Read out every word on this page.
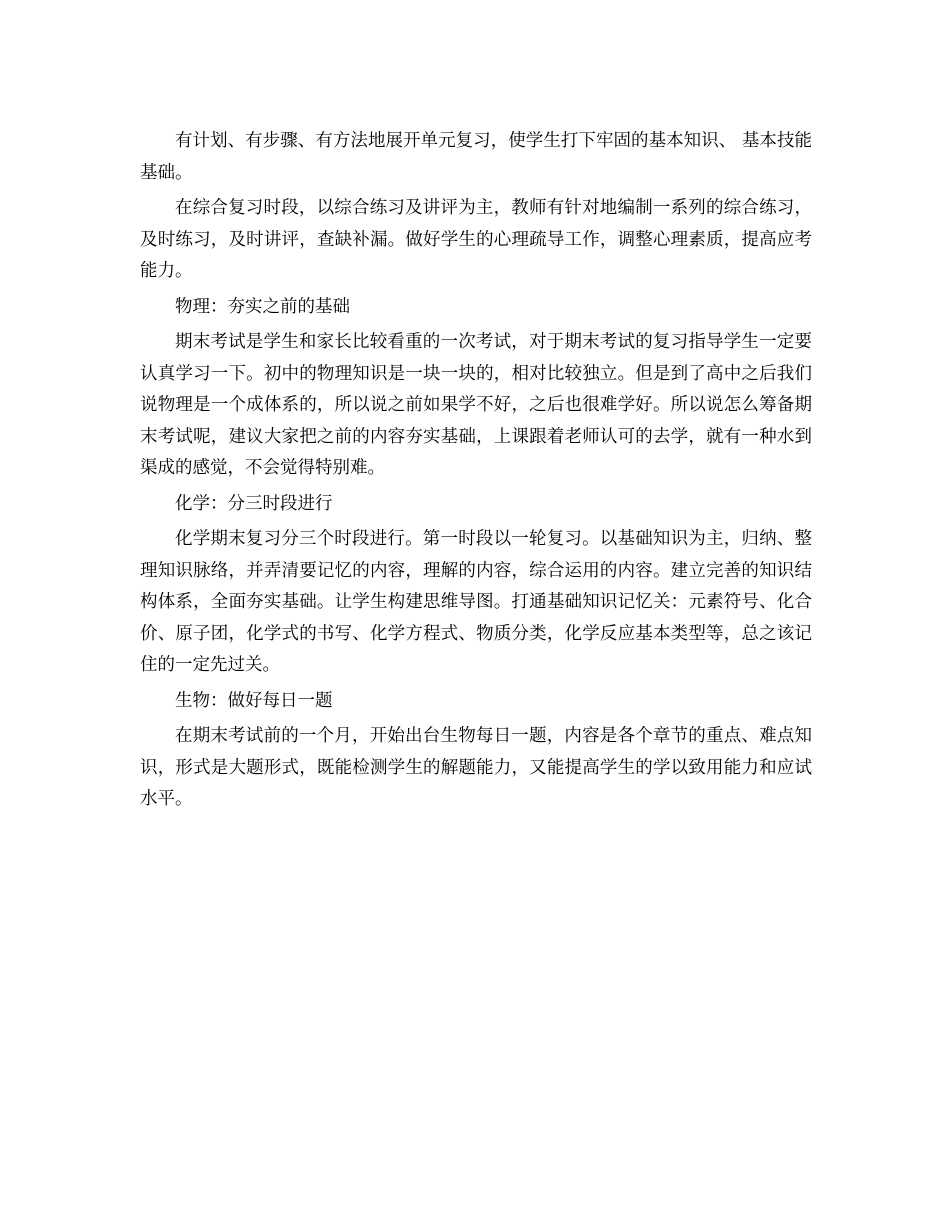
有计划、有步骤、有方法地展开单元复习，使学生打下牢固的基本知识、 基本技能基础。

在综合复习时段，以综合练习及讲评为主，教师有针对地编制一系列的综合练习，及时练习，及时讲评，查缺补漏。做好学生的心理疏导工作，调整心理素质，提高应考能力。

物理：夯实之前的基础

期末考试是学生和家长比较看重的一次考试，对于期末考试的复习指导学生一定要认真学习一下。初中的物理知识是一块一块的，相对比较独立。但是到了高中之后我们说物理是一个成体系的，所以说之前如果学不好，之后也很难学好。所以说怎么筹备期末考试呢，建议大家把之前的内容夯实基础，上课跟着老师认可的去学，就有一种水到渠成的感觉，不会觉得特别难。

化学：分三时段进行

化学期末复习分三个时段进行。第一时段以一轮复习。以基础知识为主，归纳、整理知识脉络，并弄清要记忆的内容，理解的内容，综合运用的内容。建立完善的知识结构体系，全面夯实基础。让学生构建思维导图。打通基础知识记忆关：元素符号、化合价、原子团，化学式的书写、化学方程式、物质分类，化学反应基本类型等，总之该记住的一定先过关。

生物：做好每日一题

在期末考试前的一个月，开始出台生物每日一题，内容是各个章节的重点、难点知识，形式是大题形式，既能检测学生的解题能力，又能提高学生的学以致用能力和应试水平。
